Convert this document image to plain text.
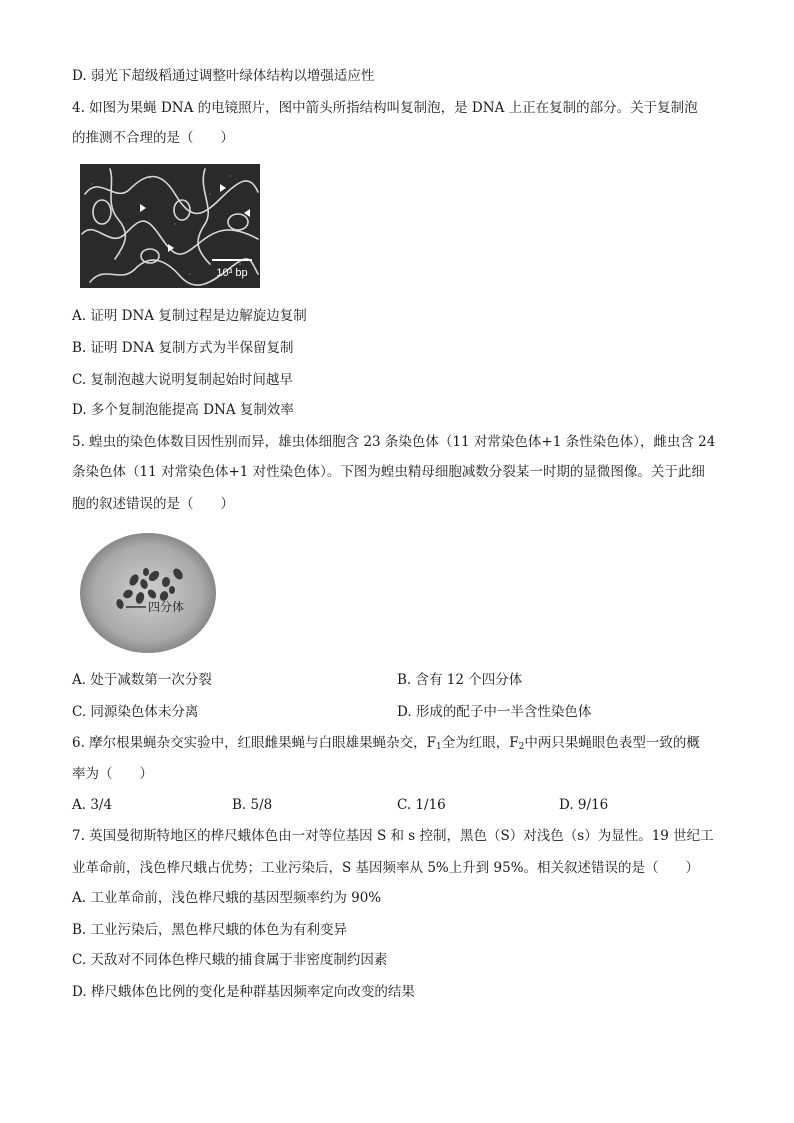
D. 弱光下超级稻通过调整叶绿体结构以增强适应性
4. 如图为果蝇 DNA 的电镜照片，图中箭头所指结构叫复制泡，是 DNA 上正在复制的部分。关于复制泡
的推测不合理的是（　　）
10³ bp
A. 证明 DNA 复制过程是边解旋边复制
B. 证明 DNA 复制方式为半保留复制
C. 复制泡越大说明复制起始时间越早
D. 多个复制泡能提高 DNA 复制效率
5. 蝗虫的染色体数目因性别而异，雄虫体细胞含 23 条染色体（11 对常染色体+1 条性染色体），雌虫含 24
条染色体（11 对常染色体+1 对性染色体）。下图为蝗虫精母细胞减数分裂某一时期的显微图像。关于此细
胞的叙述错误的是（　　）
四分体
A. 处于减数第一次分裂	B. 含有 12 个四分体
C. 同源染色体未分离	D. 形成的配子中一半含性染色体
6. 摩尔根果蝇杂交实验中，红眼雌果蝇与白眼雄果蝇杂交，$F_1$全为红眼，$F_2$中两只果蝇眼色表型一致的概
率为（　　）
A. 3/4	B. 5/8	C. 1/16	D. 9/16
7. 英国曼彻斯特地区的桦尺蛾体色由一对等位基因 S 和 s 控制，黑色（S）对浅色（s）为显性。19 世纪工
业革命前，浅色桦尺蛾占优势；工业污染后，S 基因频率从 5%上升到 95%。相关叙述错误的是（　　）
A. 工业革命前，浅色桦尺蛾的基因型频率约为 90%
B. 工业污染后，黑色桦尺蛾的体色为有利变异
C. 天敌对不同体色桦尺蛾的捕食属于非密度制约因素
D. 桦尺蛾体色比例的变化是种群基因频率定向改变的结果
